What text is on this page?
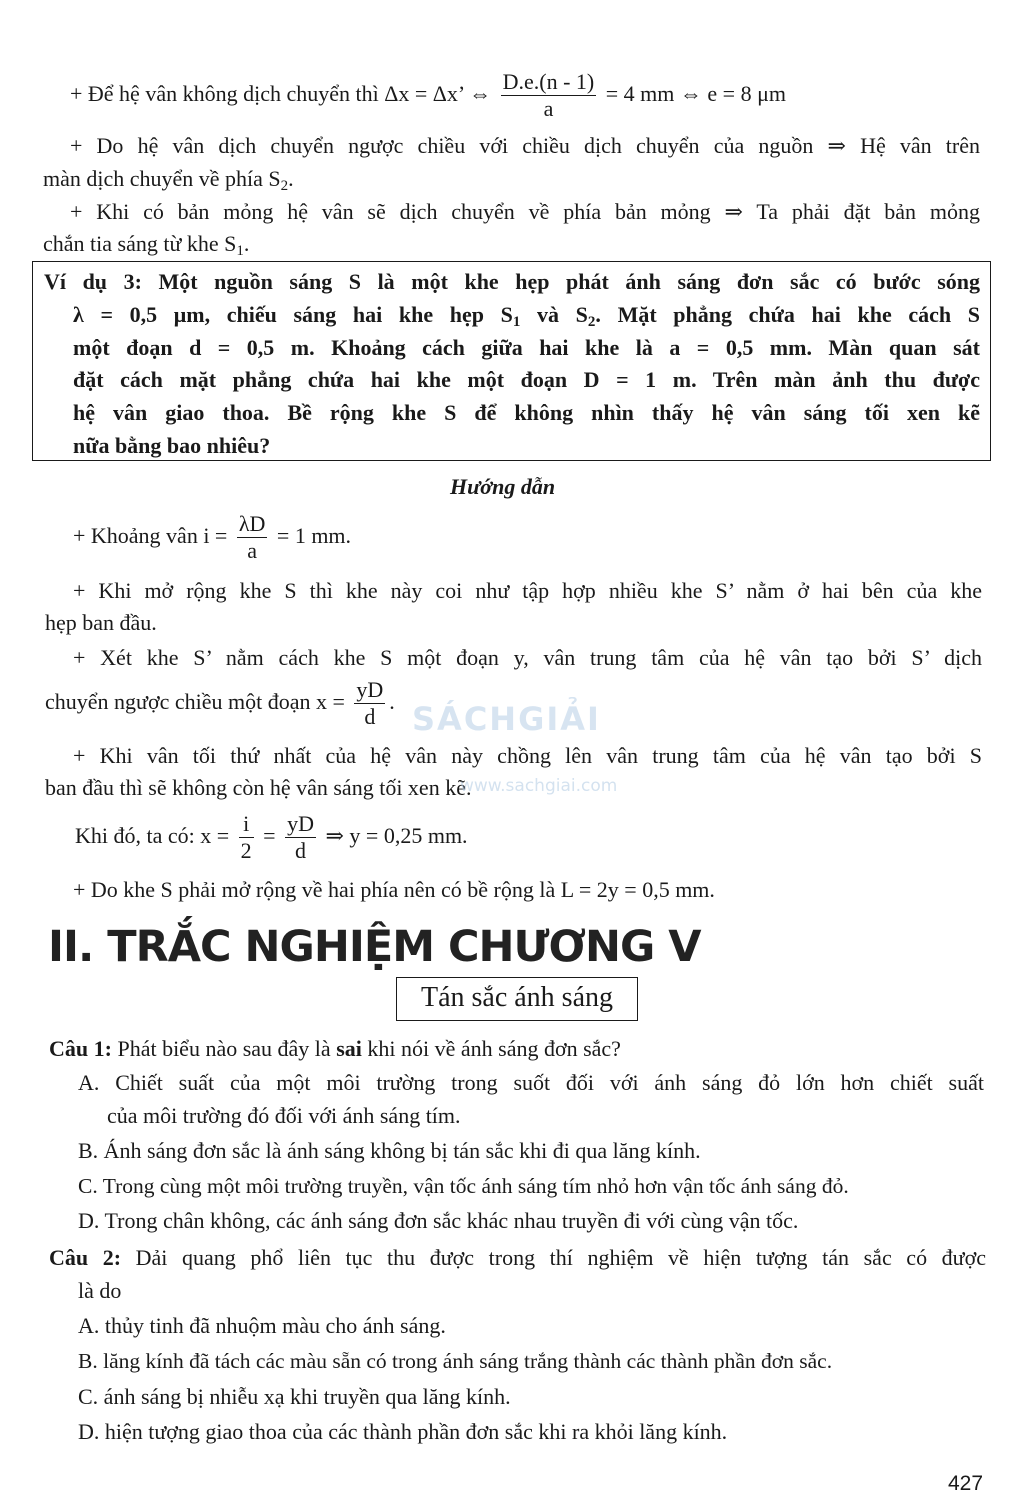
+ Để hệ vân không dịch chuyển thì Δx = Δx’ ⇔ $\frac{D.e.(n - 1)}{a} = 4$ mm ⇔ e = 8 μm
+ Do hệ vân dịch chuyển ngược chiều với chiều dịch chuyển của nguồn ⇒ Hệ vân trên
màn dịch chuyển về phía $S_2$.
+ Khi có bản mỏng hệ vân sẽ dịch chuyển về phía bản mỏng ⇒ Ta phải đặt bản mỏng
chắn tia sáng từ khe $S_1$.
Ví dụ 3: Một nguồn sáng S là một khe hẹp phát ánh sáng đơn sắc có bước sóng
λ = 0,5 μm, chiếu sáng hai khe hẹp $S_1$ và $S_2$. Mặt phẳng chứa hai khe cách S
một đoạn d = 0,5 m. Khoảng cách giữa hai khe là a = 0,5 mm. Màn quan sát
đặt cách mặt phẳng chứa hai khe một đoạn D = 1 m. Trên màn ảnh thu được
hệ vân giao thoa. Bề rộng khe S để không nhìn thấy hệ vân sáng tối xen kẽ
nữa bằng bao nhiêu?
Hướng dẫn
+ Khoảng vân $i = \frac{\lambda D}{a} = 1$ mm.
+ Khi mở rộng khe S thì khe này coi như tập hợp nhiều khe S’ nằm ở hai bên của khe
hẹp ban đầu.
+ Xét khe S’ nằm cách khe S một đoạn y, vân trung tâm của hệ vân tạo bởi S’ dịch
chuyển ngược chiều một đoạn $x = \frac{yD}{d}$ .
+ Khi vân tối thứ nhất của hệ vân này chồng lên vân trung tâm của hệ vân tạo bởi S
ban đầu thì sẽ không còn hệ vân sáng tối xen kẽ.
Khi đó, ta có: $x = \frac{i}{2} = \frac{yD}{d}$ ⇒ y = 0,25 mm.
+ Do khe S phải mở rộng về hai phía nên có bề rộng là L = 2y = 0,5 mm.
SÁCHGIẢI
www.sachgiai.com
II. TRẮC NGHIỆM CHƯƠNG V
Tán sắc ánh sáng
Câu 1: Phát biểu nào sau đây là sai khi nói về ánh sáng đơn sắc?
A. Chiết suất của một môi trường trong suốt đối với ánh sáng đỏ lớn hơn chiết suất
của môi trường đó đối với ánh sáng tím.
B. Ánh sáng đơn sắc là ánh sáng không bị tán sắc khi đi qua lăng kính.
C. Trong cùng một môi trường truyền, vận tốc ánh sáng tím nhỏ hơn vận tốc ánh sáng đỏ.
D. Trong chân không, các ánh sáng đơn sắc khác nhau truyền đi với cùng vận tốc.
Câu 2: Dải quang phổ liên tục thu được trong thí nghiệm về hiện tượng tán sắc có được
là do
A. thủy tinh đã nhuộm màu cho ánh sáng.
B. lăng kính đã tách các màu sẵn có trong ánh sáng trắng thành các thành phần đơn sắc.
C. ánh sáng bị nhiễu xạ khi truyền qua lăng kính.
D. hiện tượng giao thoa của các thành phần đơn sắc khi ra khỏi lăng kính.
427
